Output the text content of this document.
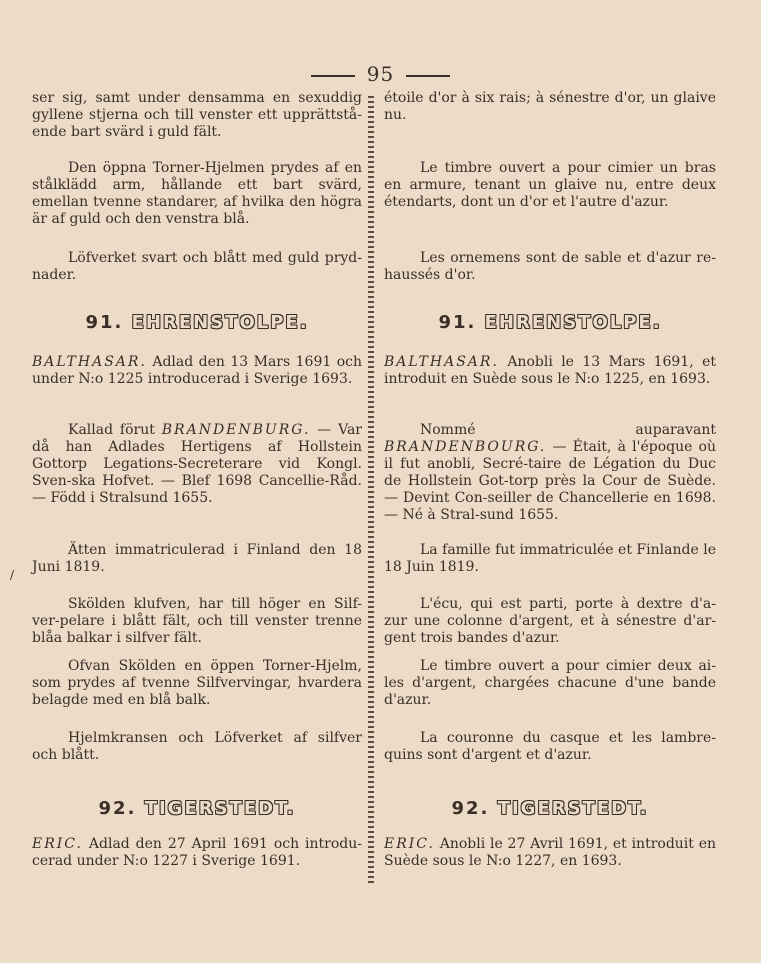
95
/

ser sig, samt under densamma en sexuddig gyllene stjerna och till venster ett upprättstå-ende bart svärd i guld fält.

Den öppna Torner-Hjelmen prydes af en stålklädd arm, hållande ett bart svärd, emellan tvenne standarer, af hvilka den högra är af guld och den venstra blå.

Löfverket svart och blått med guld pryd-nader.

91. EHRENSTOLPE.

BALTHASAR. Adlad den 13 Mars 1691 och under N:o 1225 introducerad i Sverige 1693.

Kallad förut BRANDENBURG. — Var då han Adlades Hertigens af Hollstein Gottorp Legations-Secreterare vid Kongl. Sven-ska Hofvet. — Blef 1698 Cancellie-Råd. — Född i Stralsund 1655.

Ätten immatriculerad i Finland den 18 Juni 1819.

Skölden klufven, har till höger en Silf-ver-pelare i blått fält, och till venster trenne blåa balkar i silfver fält.

Ofvan Skölden en öppen Torner-Hjelm, som prydes af tvenne Silfvervingar, hvardera belagde med en blå balk.

Hjelmkransen och Löfverket af silfver och blått.

92. TIGERSTEDT.

ERIC. Adlad den 27 April 1691 och introdu-cerad under N:o 1227 i Sverige 1691.

étoile d'or à six rais; à sénestre d'or, un glaive nu.

Le timbre ouvert a pour cimier un bras en armure, tenant un glaive nu, entre deux étendarts, dont un d'or et l'autre d'azur.

Les ornemens sont de sable et d'azur re-haussés d'or.

91. EHRENSTOLPE.

BALTHASAR. Anobli le 13 Mars 1691, et introduit en Suède sous le N:o 1225, en 1693.

Nommé auparavant BRANDENBOURG. — Était, à l'époque où il fut anobli, Secré-taire de Légation du Duc de Hollstein Got-torp près la Cour de Suède. — Devint Con-seiller de Chancellerie en 1698. — Né à Stral-sund 1655.

La famille fut immatriculée et Finlande le 18 Juin 1819.

L'écu, qui est parti, porte à dextre d'a-zur une colonne d'argent, et à sénestre d'ar-gent trois bandes d'azur.

Le timbre ouvert a pour cimier deux ai-les d'argent, chargées chacune d'une bande d'azur.

La couronne du casque et les lambre-quins sont d'argent et d'azur.

92. TIGERSTEDT.

ERIC. Anobli le 27 Avril 1691, et introduit en Suède sous le N:o 1227, en 1693.
